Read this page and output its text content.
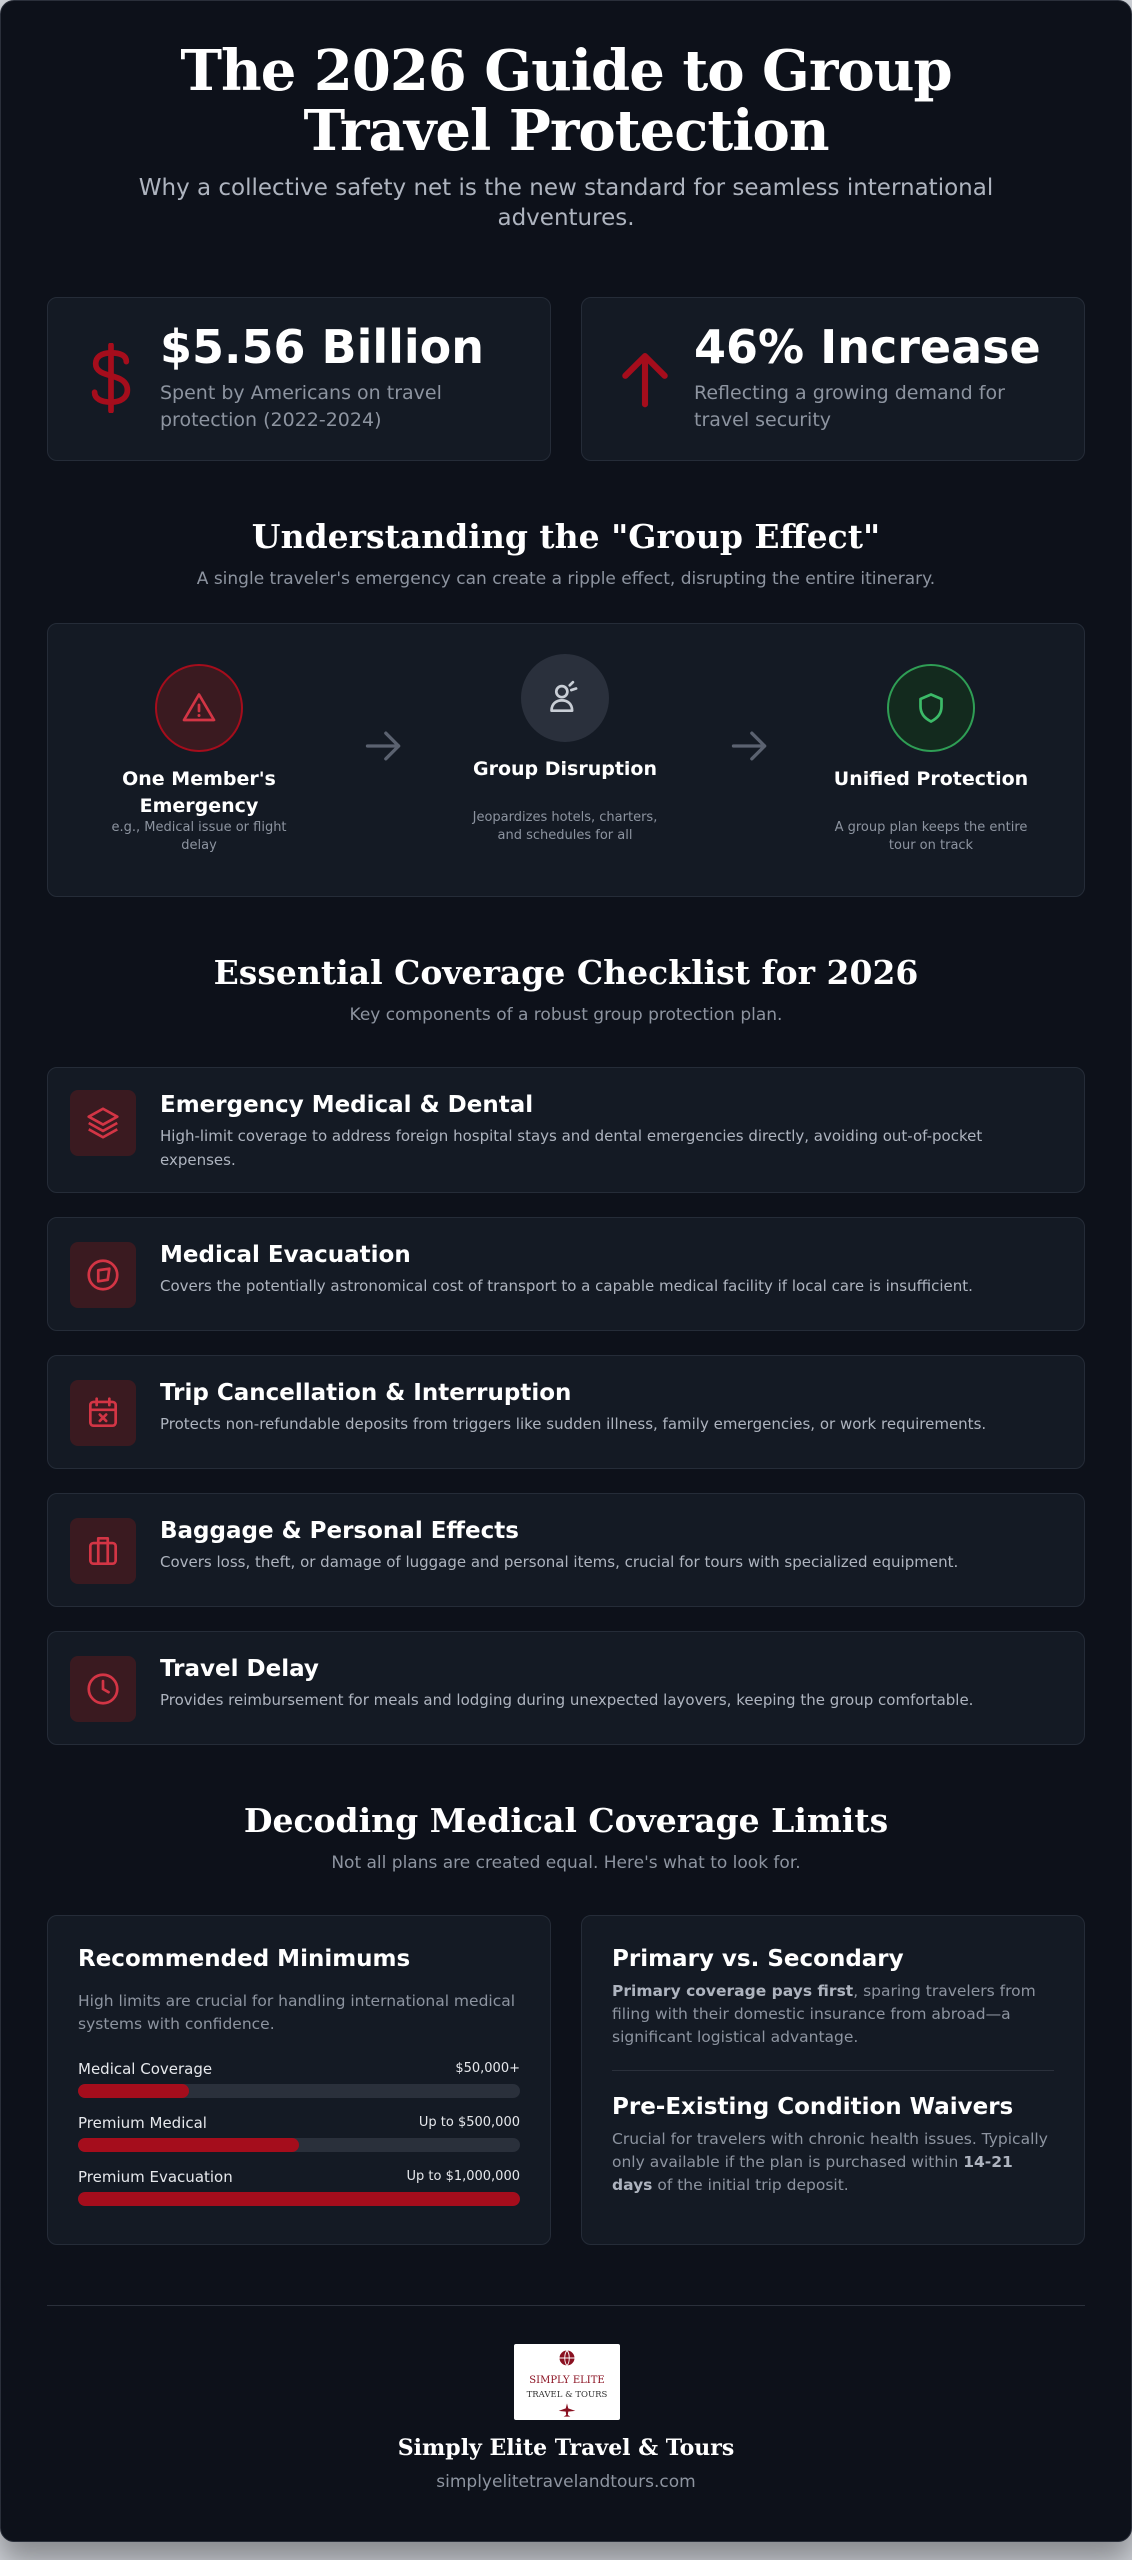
The 2026 Guide to Group Travel Protection

Why a collective safety net is the new standard for seamless international adventures.

$5.56 Billion
Spent by Americans on travel protection (2022-2024)
46% Increase
Reflecting a growing demand for travel security
Understanding the "Group Effect"

A single traveler's emergency can create a ripple effect, disrupting the entire itinerary.

One Member's Emergency
e.g., Medical issue or flight delay
Group Disruption
Jeopardizes hotels, charters, and schedules for all
Unified Protection
A group plan keeps the entire tour on track
Essential Coverage Checklist for 2026

Key components of a robust group protection plan.

Emergency Medical & Dental
High-limit coverage to address foreign hospital stays and dental emergencies directly, avoiding out-of-pocket expenses.
Medical Evacuation
Covers the potentially astronomical cost of transport to a capable medical facility if local care is insufficient.
Trip Cancellation & Interruption
Protects non-refundable deposits from triggers like sudden illness, family emergencies, or work requirements.
Baggage & Personal Effects
Covers loss, theft, or damage of luggage and personal items, crucial for tours with specialized equipment.
Travel Delay
Provides reimbursement for meals and lodging during unexpected layovers, keeping the group comfortable.
Decoding Medical Coverage Limits

Not all plans are created equal. Here's what to look for.

Recommended Minimums
High limits are crucial for handling international medical systems with confidence.
Medical Coverage	$50,000+
Premium Medical	Up to $500,000
Premium Evacuation	Up to $1,000,000
Primary vs. Secondary
Primary coverage pays first, sparing travelers from filing with their domestic insurance from abroad—a significant logistical advantage.
Pre-Existing Condition Waivers
Crucial for travelers with chronic health issues. Typically only available if the plan is purchased within 14-21 days of the initial trip deposit.
SIMPLY ELITE
TRAVEL & TOURS

Simply Elite Travel & Tours

simplyelitetravelandtours.com
